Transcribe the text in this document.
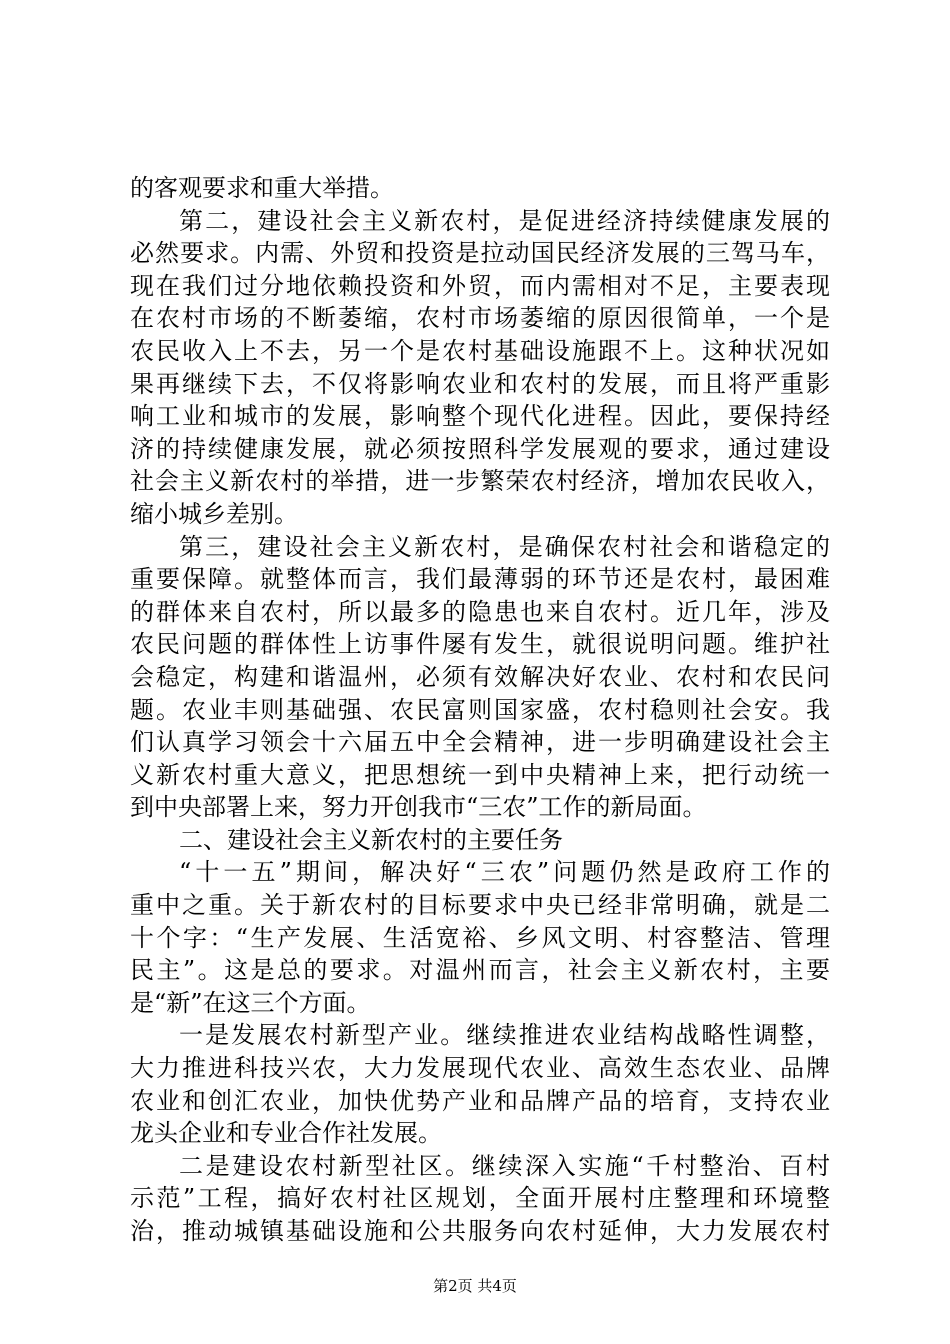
的客观要求和重大举措。
第二，建设社会主义新农村，是促进经济持续健康发展的
必然要求。内需、外贸和投资是拉动国民经济发展的三驾马车，
现在我们过分地依赖投资和外贸，而内需相对不足，主要表现
在农村市场的不断萎缩，农村市场萎缩的原因很简单，一个是
农民收入上不去，另一个是农村基础设施跟不上。这种状况如
果再继续下去，不仅将影响农业和农村的发展，而且将严重影
响工业和城市的发展，影响整个现代化进程。因此，要保持经
济的持续健康发展，就必须按照科学发展观的要求，通过建设
社会主义新农村的举措，进一步繁荣农村经济，增加农民收入，
缩小城乡差别。
第三，建设社会主义新农村，是确保农村社会和谐稳定的
重要保障。就整体而言，我们最薄弱的环节还是农村，最困难
的群体来自农村，所以最多的隐患也来自农村。近几年，涉及
农民问题的群体性上访事件屡有发生，就很说明问题。维护社
会稳定，构建和谐温州，必须有效解决好农业、农村和农民问
题。农业丰则基础强、农民富则国家盛，农村稳则社会安。我
们认真学习领会十六届五中全会精神，进一步明确建设社会主
义新农村重大意义，把思想统一到中央精神上来，把行动统一
到中央部署上来，努力开创我市“三农”工作的新局面。
二、建设社会主义新农村的主要任务
“十一五”期间，解决好“三农”问题仍然是政府工作的
重中之重。关于新农村的目标要求中央已经非常明确，就是二
十个字：“生产发展、生活宽裕、乡风文明、村容整洁、管理
民主”。这是总的要求。对温州而言，社会主义新农村，主要
是“新”在这三个方面。
一是发展农村新型产业。继续推进农业结构战略性调整，
大力推进科技兴农，大力发展现代农业、高效生态农业、品牌
农业和创汇农业，加快优势产业和品牌产品的培育，支持农业
龙头企业和专业合作社发展。
二是建设农村新型社区。继续深入实施“千村整治、百村
示范”工程，搞好农村社区规划，全面开展村庄整理和环境整
治，推动城镇基础设施和公共服务向农村延伸，大力发展农村
第2页 共4页
